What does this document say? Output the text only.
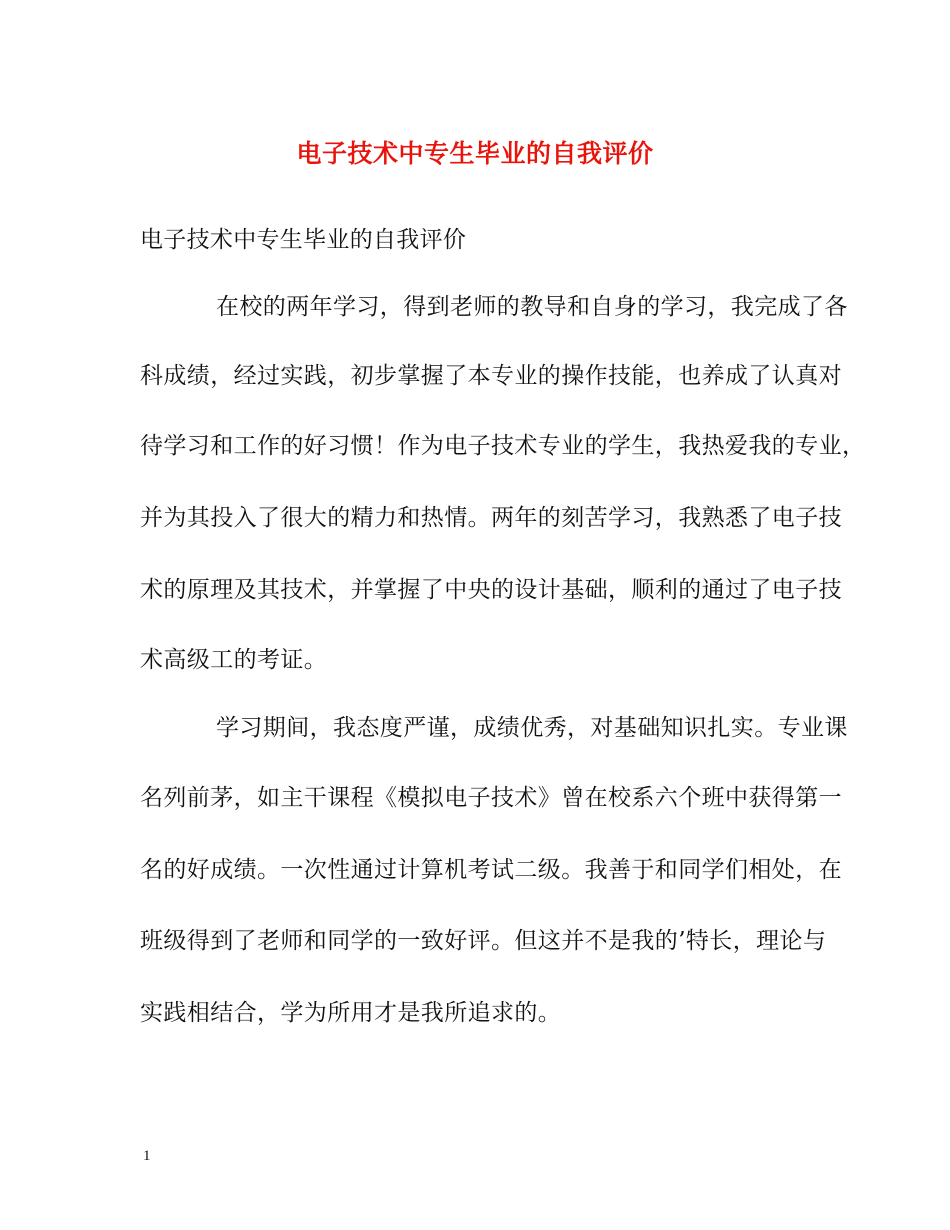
电子技术中专生毕业的自我评价
电子技术中专生毕业的自我评价
在校的两年学习，得到老师的教导和自身的学习，我完成了各
科成绩，经过实践，初步掌握了本专业的操作技能，也养成了认真对
待学习和工作的好习惯！作为电子技术专业的学生，我热爱我的专业，
并为其投入了很大的精力和热情。两年的刻苦学习，我熟悉了电子技
术的原理及其技术，并掌握了中央的设计基础，顺利的通过了电子技
术高级工的考证。
学习期间，我态度严谨，成绩优秀，对基础知识扎实。专业课
名列前茅，如主干课程《模拟电子技术》曾在校系六个班中获得第一
名的好成绩。一次性通过计算机考试二级。我善于和同学们相处，在
班级得到了老师和同学的一致好评。但这并不是我的’特长，理论与
实践相结合，学为所用才是我所追求的。
1
